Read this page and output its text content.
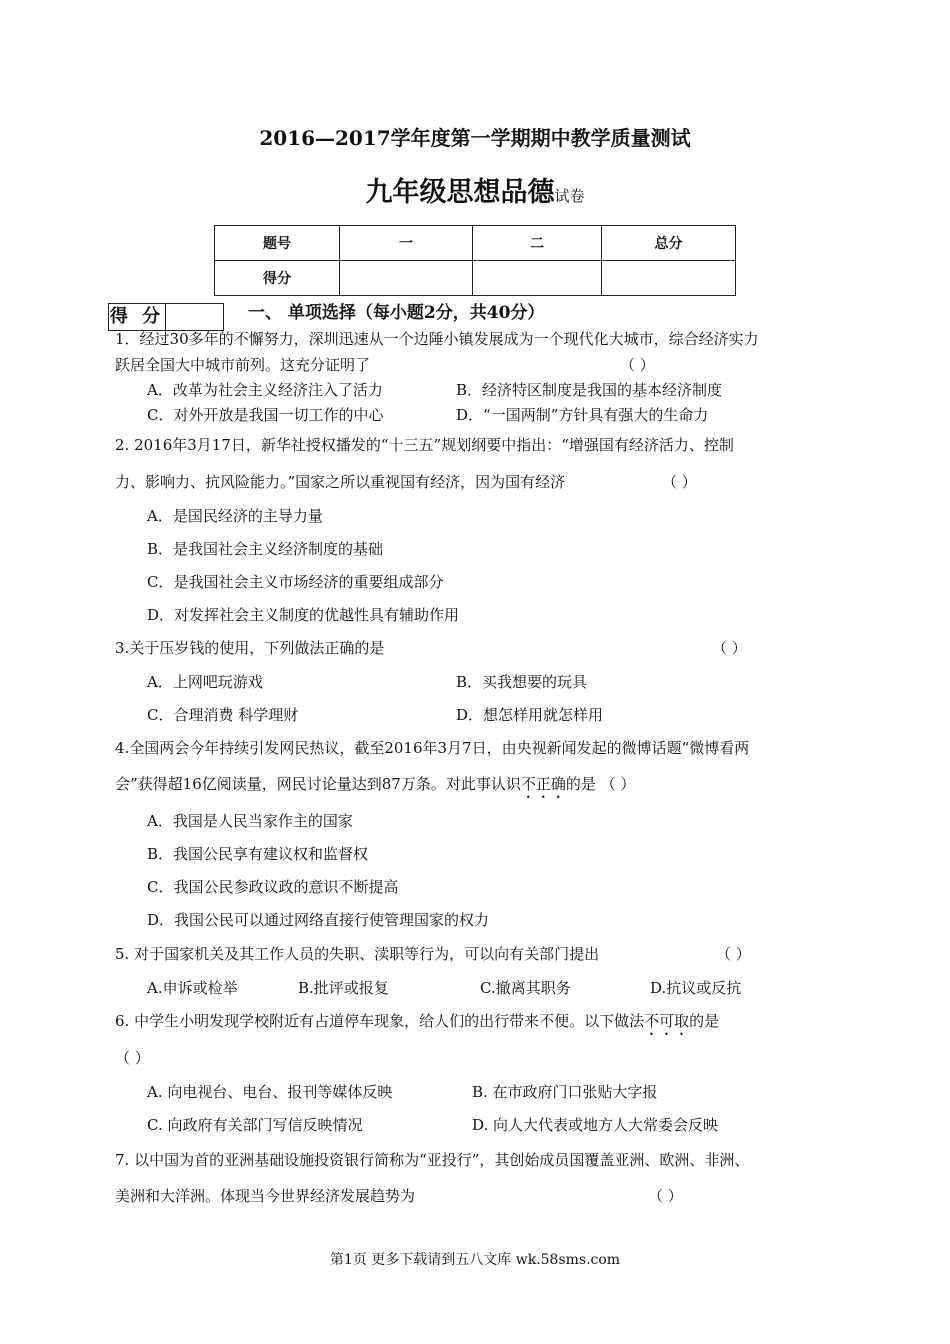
2016—2017学年度第一学期期中教学质量测试
九年级思想品德试卷
题号	一	二	总分
得分			
得 分	一、 单项选择（每小题2分，共40分）
1．经过30多年的不懈努力，深圳迅速从一个边陲小镇发展成为一个现代化大城市，综合经济实力
跃居全国大中城市前列。这充分证明了	（ ）
A．改革为社会主义经济注入了活力	B．经济特区制度是我国的基本经济制度
C．对外开放是我国一切工作的中心	D．“一国两制”方针具有强大的生命力
2. 2016年3月17日，新华社授权播发的“十三五”规划纲要中指出：“增强国有经济活力、控制
力、影响力、抗风险能力。”国家之所以重视国有经济，因为国有经济	（ ）
A．是国民经济的主导力量
B．是我国社会主义经济制度的基础
C．是我国社会主义市场经济的重要组成部分
D．对发挥社会主义制度的优越性具有辅助作用
3.关于压岁钱的使用，下列做法正确的是	（ ）
A．上网吧玩游戏	B．买我想要的玩具
C．合理消费 科学理财	D．想怎样用就怎样用
4.全国两会今年持续引发网民热议，截至2016年3月7日，由央视新闻发起的微博话题“微博看两
会”获得超16亿阅读量，网民讨论量达到87万条。对此事认识不正确的是 （ ）
A．我国是人民当家作主的国家
B．我国公民享有建议权和监督权
C．我国公民参政议政的意识不断提高
D．我国公民可以通过网络直接行使管理国家的权力
5. 对于国家机关及其工作人员的失职、渎职等行为，可以向有关部门提出	（ ）
A.申诉或检举	B.批评或报复	C.撤离其职务	D.抗议或反抗
6. 中学生小明发现学校附近有占道停车现象，给人们的出行带来不便。以下做法不可取的是
（ ）
A. 向电视台、电台、报刊等媒体反映	B. 在市政府门口张贴大字报
C. 向政府有关部门写信反映情况	D. 向人大代表或地方人大常委会反映
7. 以中国为首的亚洲基础设施投资银行简称为“亚投行”，其创始成员国覆盖亚洲、欧洲、非洲、
美洲和大洋洲。体现当今世界经济发展趋势为	（ ）
第1页 更多下载请到五八文库 wk.58sms.com
